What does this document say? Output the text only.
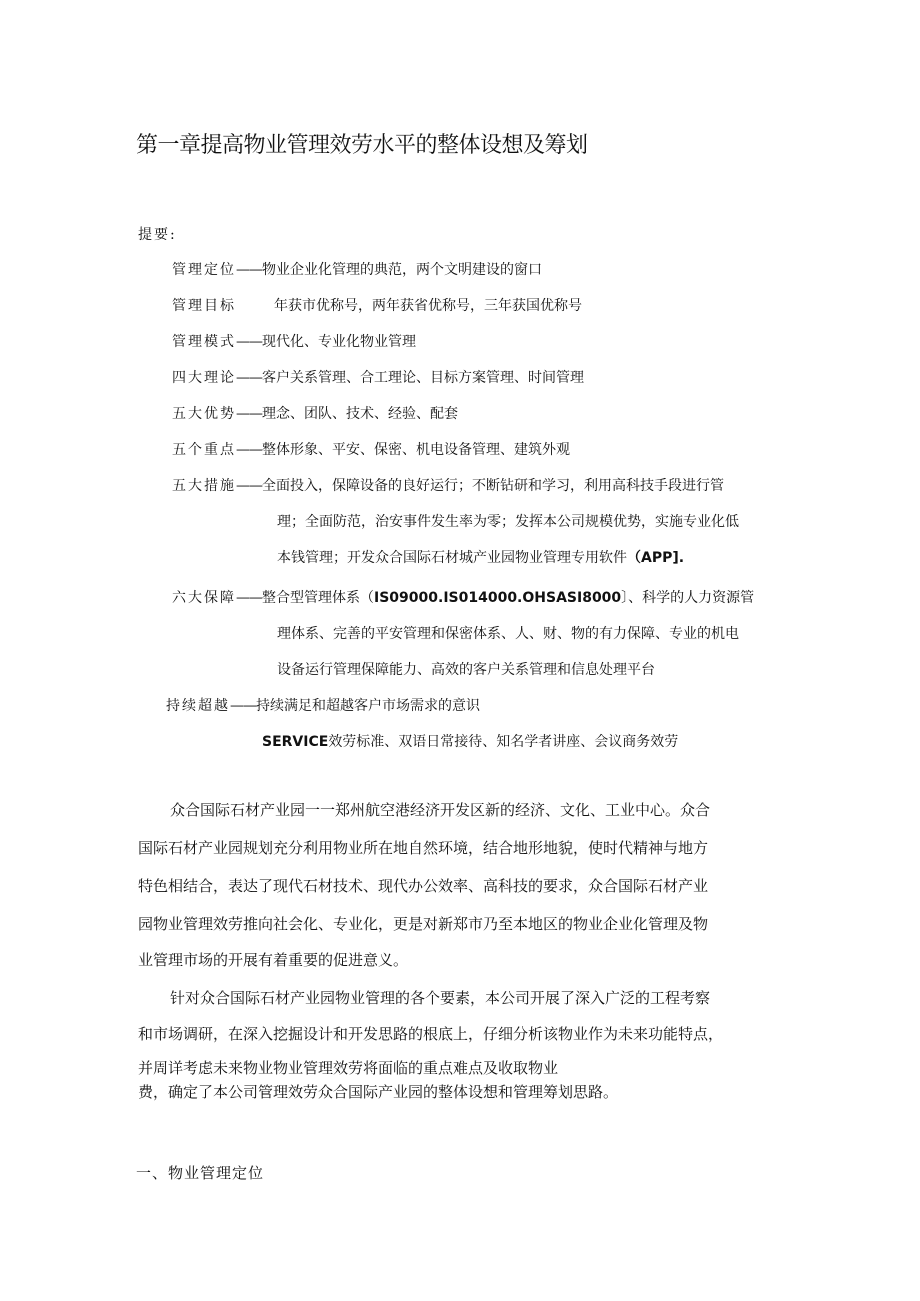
第一章提高物业管理效劳水平的整体设想及筹划
提要:
管理定位——物业企业化管理的典范，两个文明建设的窗口
管理目标	年获市优称号，两年获省优称号，三年获国优称号
管理模式——现代化、专业化物业管理
四大理论——客户关系管理、合工理论、目标方案管理、时间管理
五大优势——理念、团队、技术、经验、配套
五个重点——整体形象、平安、保密、机电设备管理、建筑外观
五大措施——全面投入，保障设备的良好运行；不断钻研和学习，利用高科技手段进行管
理；全面防范，治安事件发生率为零；发挥本公司规模优势，实施专业化低
本钱管理；开发众合国际石材城产业园物业管理专用软件（APP].
六大保障——整合型管理体系（IS09000.IS014000.OHSASI8000〕、科学的人力资源管
理体系、完善的平安管理和保密体系、人、财、物的有力保障、专业的机电
设备运行管理保障能力、高效的客户关系管理和信息处理平台
持续超越——持续满足和超越客户市场需求的意识
SERVICE效劳标准、双语日常接待、知名学者讲座、会议商务效劳
众合国际石材产业园一一郑州航空港经济开发区新的经济、文化、工业中心。众合
国际石材产业园规划充分利用物业所在地自然环境，结合地形地貌，使时代精神与地方
特色相结合，表达了现代石材技术、现代办公效率、高科技的要求，众合国际石材产业
园物业管理效劳推向社会化、专业化，更是对新郑市乃至本地区的物业企业化管理及物
业管理市场的开展有着重要的促进意义。
针对众合国际石材产业园物业管理的各个要素，本公司开展了深入广泛的工程考察
和市场调研，在深入挖掘设计和开发思路的根底上，仔细分析该物业作为未来功能特点，
并周详考虑未来物业物业管理效劳将面临的重点难点及收取物业
费，确定了本公司管理效劳众合国际产业园的整体设想和管理筹划思路。
一、物业管理定位
